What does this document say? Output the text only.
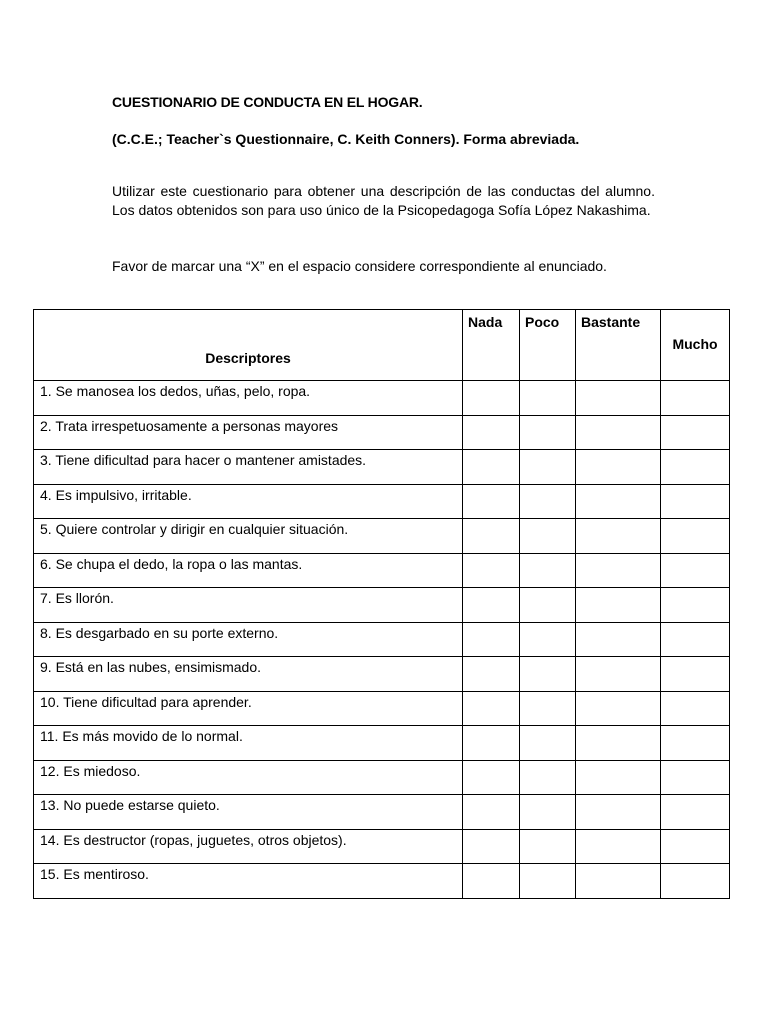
CUESTIONARIO DE CONDUCTA EN EL HOGAR.
(C.C.E.; Teacher`s Questionnaire, C. Keith Conners). Forma abreviada.
Utilizar este cuestionario para obtener una descripción de las conductas del alumno. Los datos obtenidos son para uso único de la Psicopedagoga Sofía López Nakashima.
Favor de marcar una “X” en el espacio considere correspondiente al enunciado.
Descriptores	Nada	Poco	Bastante	Mucho
1. Se manosea los dedos, uñas, pelo, ropa.				
2. Trata irrespetuosamente a personas mayores				
3. Tiene dificultad para hacer o mantener amistades.				
4. Es impulsivo, irritable.				
5. Quiere controlar y dirigir en cualquier situación.				
6. Se chupa el dedo, la ropa o las mantas.				
7. Es llorón.				
8. Es desgarbado en su porte externo.				
9. Está en las nubes, ensimismado.				
10. Tiene dificultad para aprender.				
11. Es más movido de lo normal.				
12. Es miedoso.				
13. No puede estarse quieto.				
14. Es destructor (ropas, juguetes, otros objetos).				
15. Es mentiroso.				
